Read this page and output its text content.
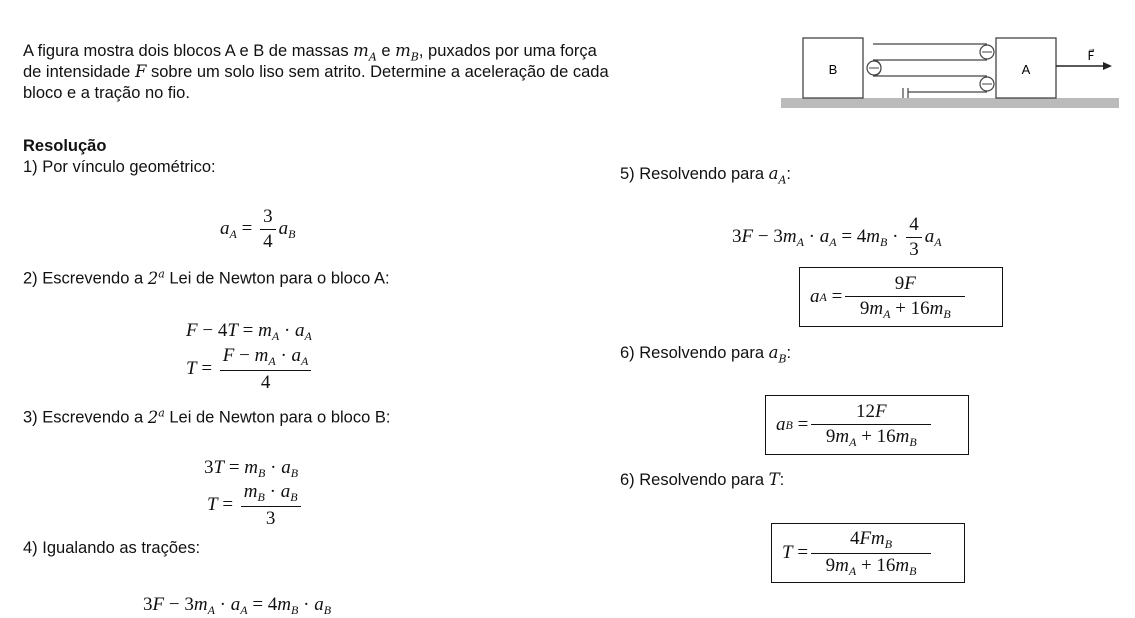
A figura mostra dois blocos A e B de massas $m_A$ e $m_B$, puxados por uma força
de intensidade F sobre um solo liso sem atrito. Determine a aceleração de cada
bloco e a tração no fio.
B	A
F⃗
Resolução
1) Por vínculo geométrico:
$a_A = \frac{3}{4} a_B$
2) Escrevendo a 2$^a$ Lei de Newton para o bloco A:
$F - 4T = m_A \cdot a_A$
$T = \frac{F - m_A \cdot a_A}{4}$
3) Escrevendo a 2$^a$ Lei de Newton para o bloco B:
$3T = m_B \cdot a_B$
$T = \frac{m_B \cdot a_B}{3}$
4) Igualando as trações:
$3F - 3m_A \cdot a_A = 4m_B \cdot a_B$
5) Resolvendo para $a_A$:
$3F - 3m_A \cdot a_A = 4m_B \cdot \frac{4}{3} a_A$
a $A = \frac{9F}{9m_A + 16m_B}$
6) Resolvendo para $a_B$:
a $B = \frac{12F}{9m_A + 16m_B}$
6) Resolvendo para T:
$T = \frac{4Fm_B}{9m_A + 16m_B}$
